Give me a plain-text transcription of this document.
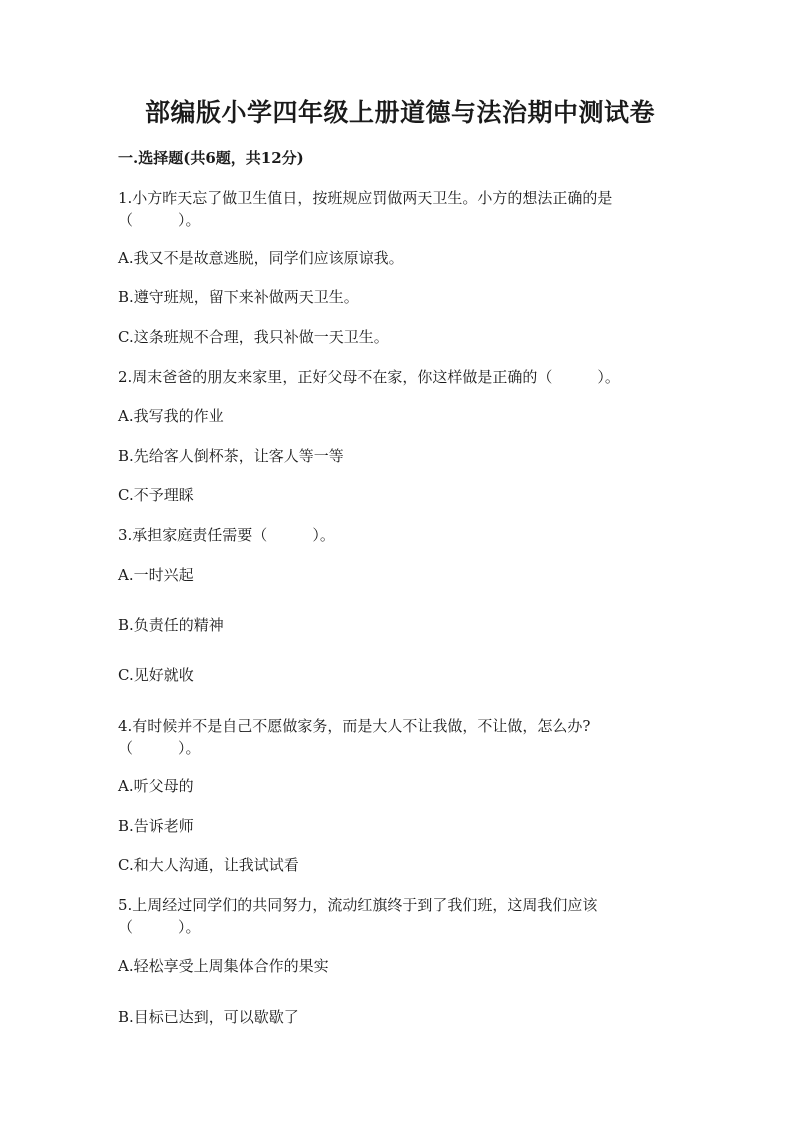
部编版小学四年级上册道德与法治期中测试卷
一.选择题(共6题，共12分)
1.小方昨天忘了做卫生值日，按班规应罚做两天卫生。小方的想法正确的是
（　　　）。
A.我又不是故意逃脱，同学们应该原谅我。
B.遵守班规，留下来补做两天卫生。
C.这条班规不合理，我只补做一天卫生。
2.周末爸爸的朋友来家里，正好父母不在家，你这样做是正确的（　　　）。
A.我写我的作业
B.先给客人倒杯茶，让客人等一等
C.不予理睬
3.承担家庭责任需要（　　　）。
A.一时兴起
B.负责任的精神
C.见好就收
4.有时候并不是自己不愿做家务，而是大人不让我做，不让做，怎么办?
（　　　）。
A.听父母的
B.告诉老师
C.和大人沟通，让我试试看
5.上周经过同学们的共同努力，流动红旗终于到了我们班，这周我们应该
（　　　）。
A.轻松享受上周集体合作的果实
B.目标已达到，可以歇歇了
